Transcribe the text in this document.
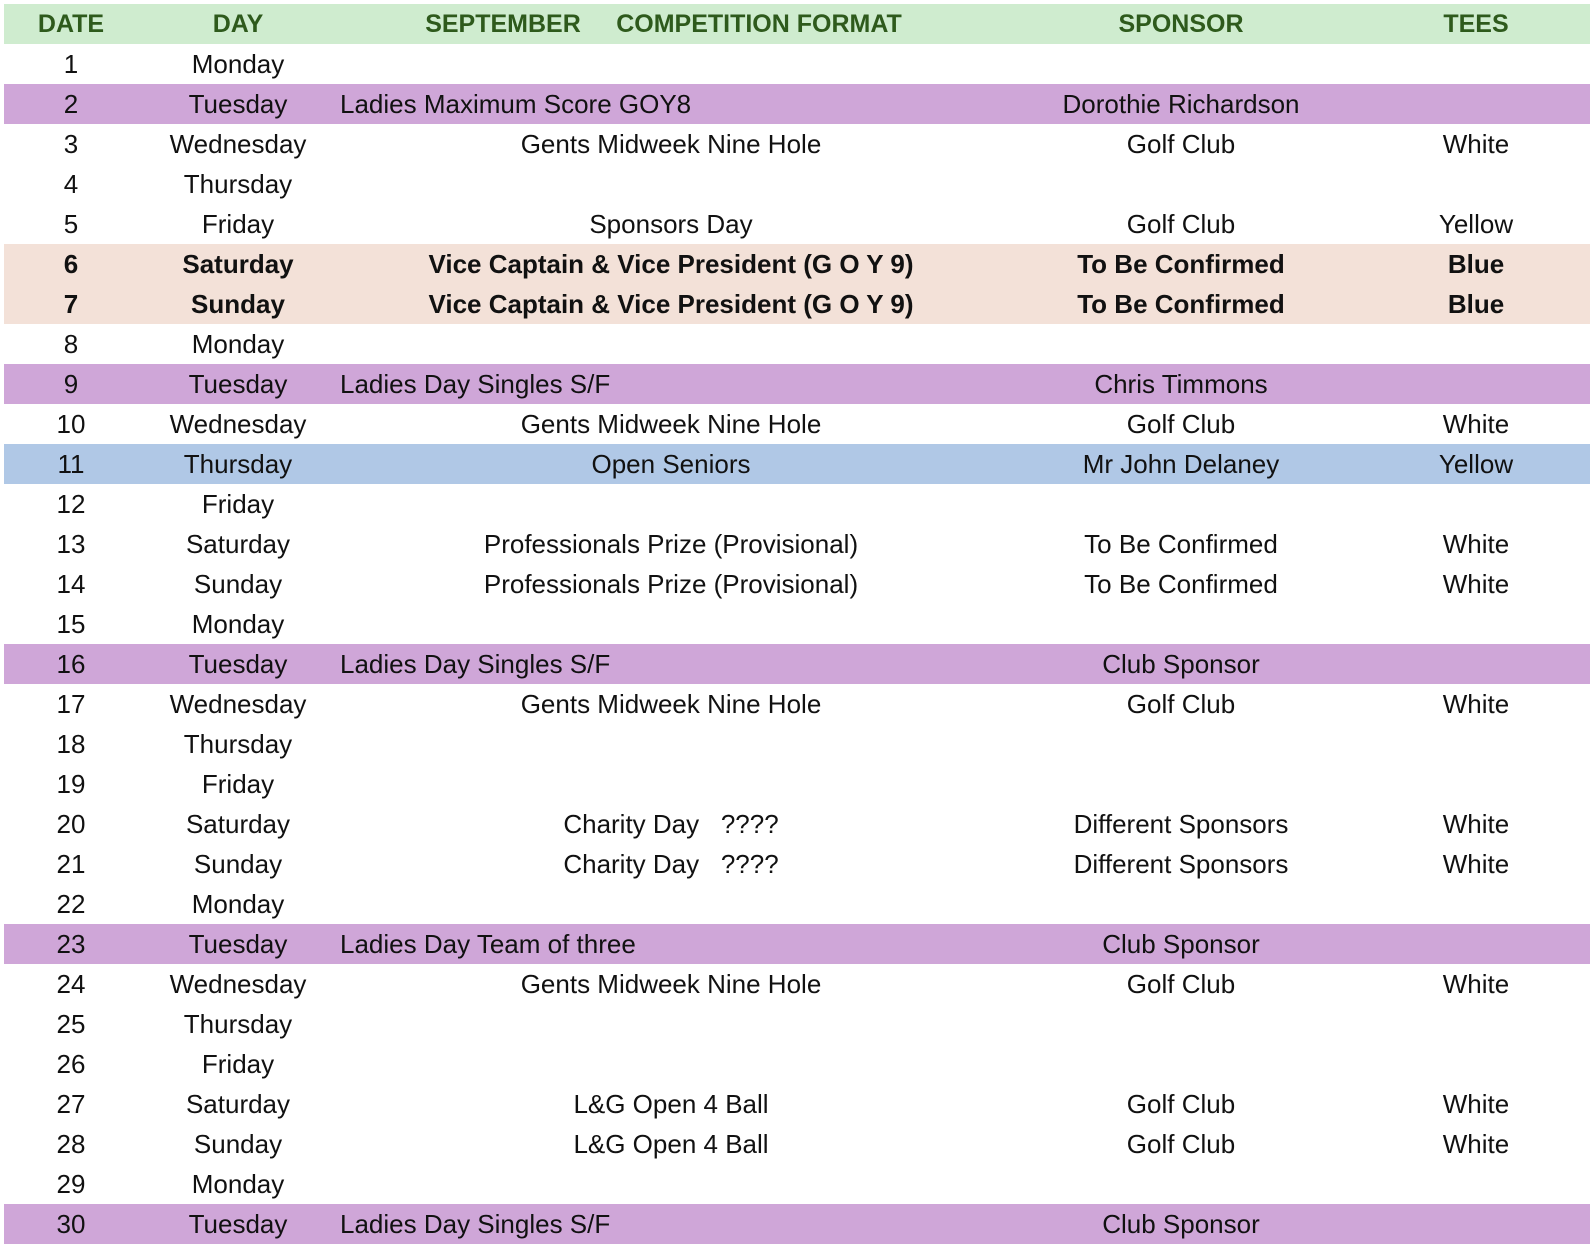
DATE	DAY	SEPTEMBER	COMPETITION FORMAT	SPONSOR	TEES
1	Monday
2	Tuesday	Ladies Maximum Score GOY8	Dorothie Richardson
3	Wednesday	Gents Midweek Nine Hole	Golf Club	White
4	Thursday
5	Friday	Sponsors Day	Golf Club	Yellow
6	Saturday	Vice Captain & Vice President (G O Y 9)	To Be Confirmed	Blue
7	Sunday	Vice Captain & Vice President (G O Y 9)	To Be Confirmed	Blue
8	Monday
9	Tuesday	Ladies Day Singles S/F	Chris Timmons
10	Wednesday	Gents Midweek Nine Hole	Golf Club	White
11	Thursday	Open Seniors	Mr John Delaney	Yellow
12	Friday
13	Saturday	Professionals Prize (Provisional)	To Be Confirmed	White
14	Sunday	Professionals Prize (Provisional)	To Be Confirmed	White
15	Monday
16	Tuesday	Ladies Day Singles S/F	Club Sponsor
17	Wednesday	Gents Midweek Nine Hole	Golf Club	White
18	Thursday
19	Friday
20	Saturday	Charity Day   ????	Different Sponsors	White
21	Sunday	Charity Day   ????	Different Sponsors	White
22	Monday
23	Tuesday	Ladies Day Team of three	Club Sponsor
24	Wednesday	Gents Midweek Nine Hole	Golf Club	White
25	Thursday
26	Friday
27	Saturday	L&G Open 4 Ball	Golf Club	White
28	Sunday	L&G Open 4 Ball	Golf Club	White
29	Monday
30	Tuesday	Ladies Day Singles S/F	Club Sponsor
